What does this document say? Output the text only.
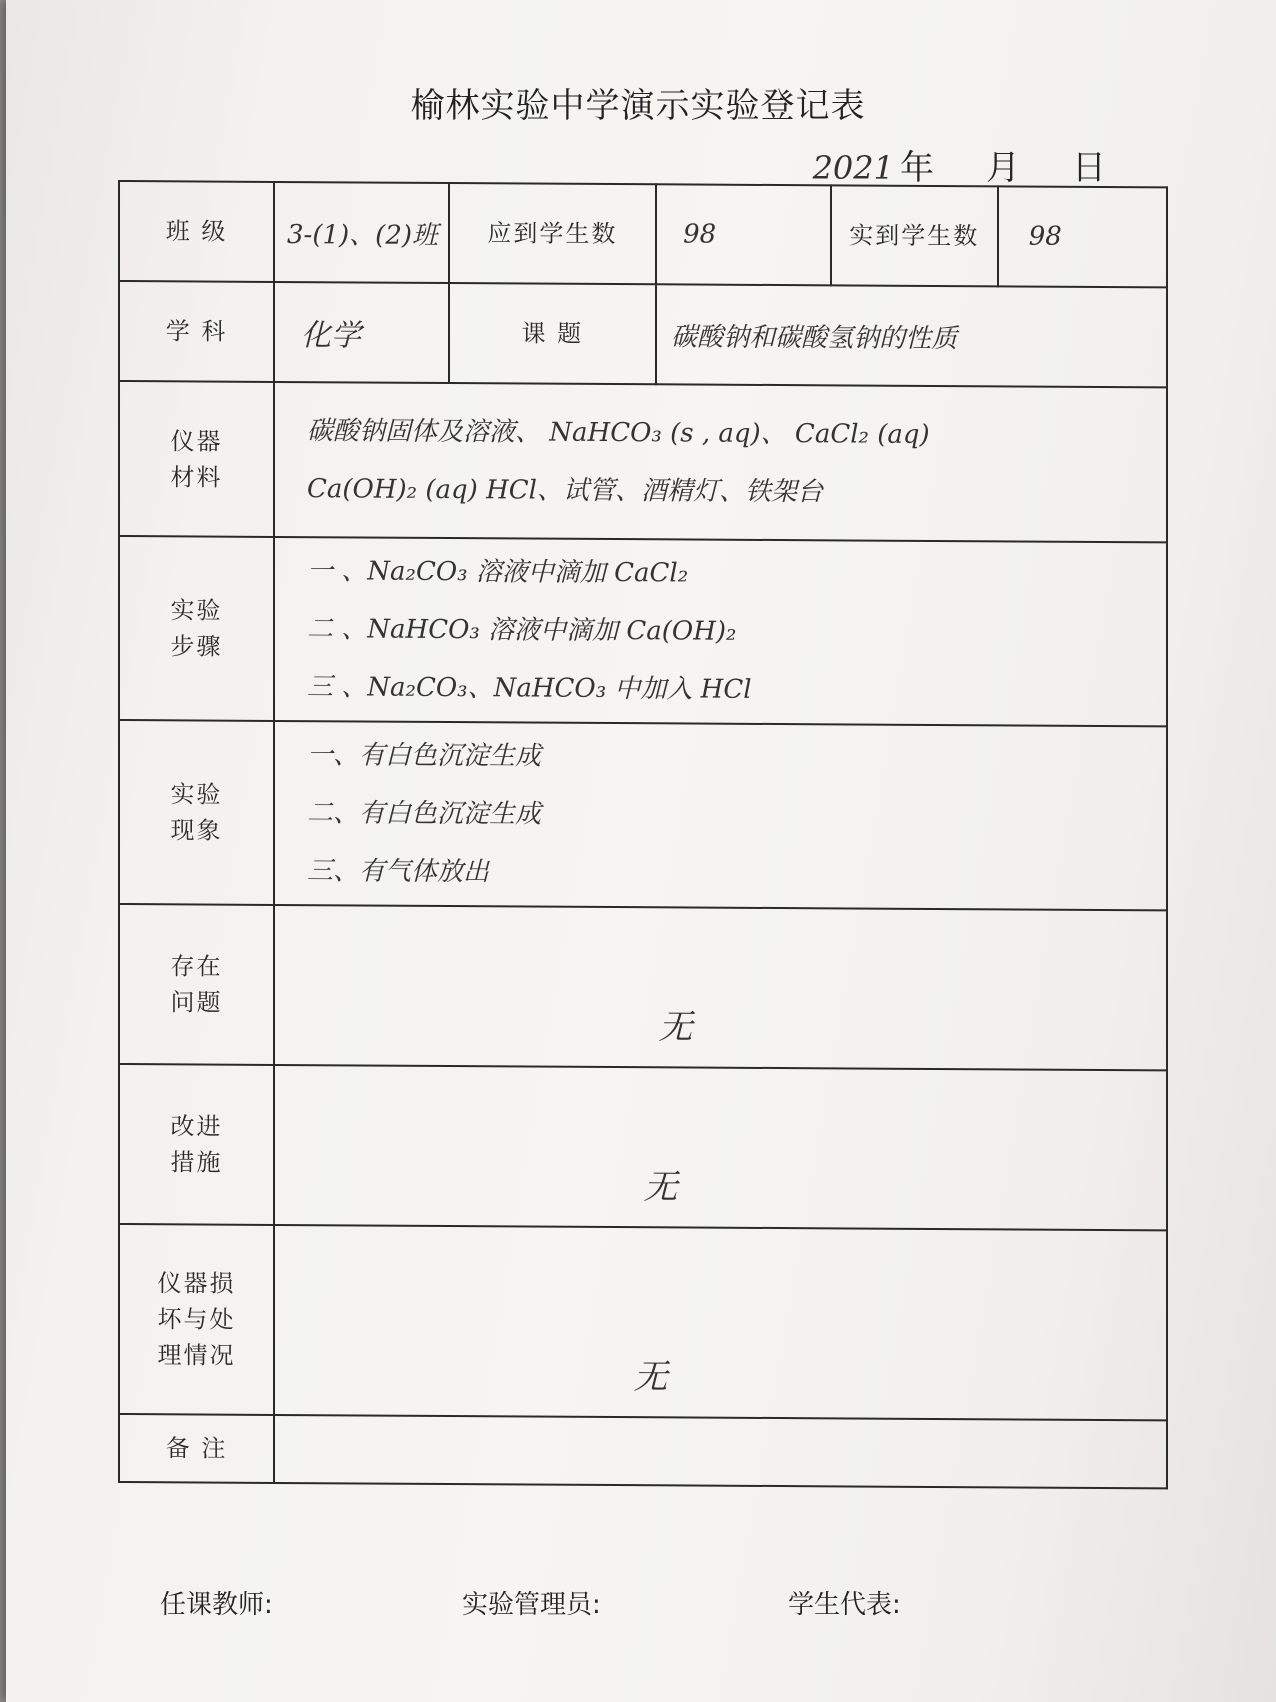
榆林实验中学演示实验登记表
2021 年 月 日
班 级	3-(1)、(2)班	应到学生数	98	实到学生数	98
学 科	化学	课 题	碳酸钠和碳酸氢钠的性质		
仪器
材料	碳酸钠固体及溶液、 NaHCO₃ (s , aq)、 CaCl₂ (aq)
Ca(OH)₂ (aq) HCl、试管、酒精灯、铁架台				

实验
步骤	一 、Na₂CO₃ 溶液中滴加 CaCl₂
二 、NaHCO₃ 溶液中滴加 Ca(OH)₂
三 、Na₂CO₃、NaHCO₃ 中加入 HCl				

实验
现象	一、有白色沉淀生成
二、有白色沉淀生成
三、有气体放出				

存在
问题	无				

改进
措施	无				

仪器损
坏与处
理情况	无				

备 注					
任课教师:	实验管理员:	学生代表:
